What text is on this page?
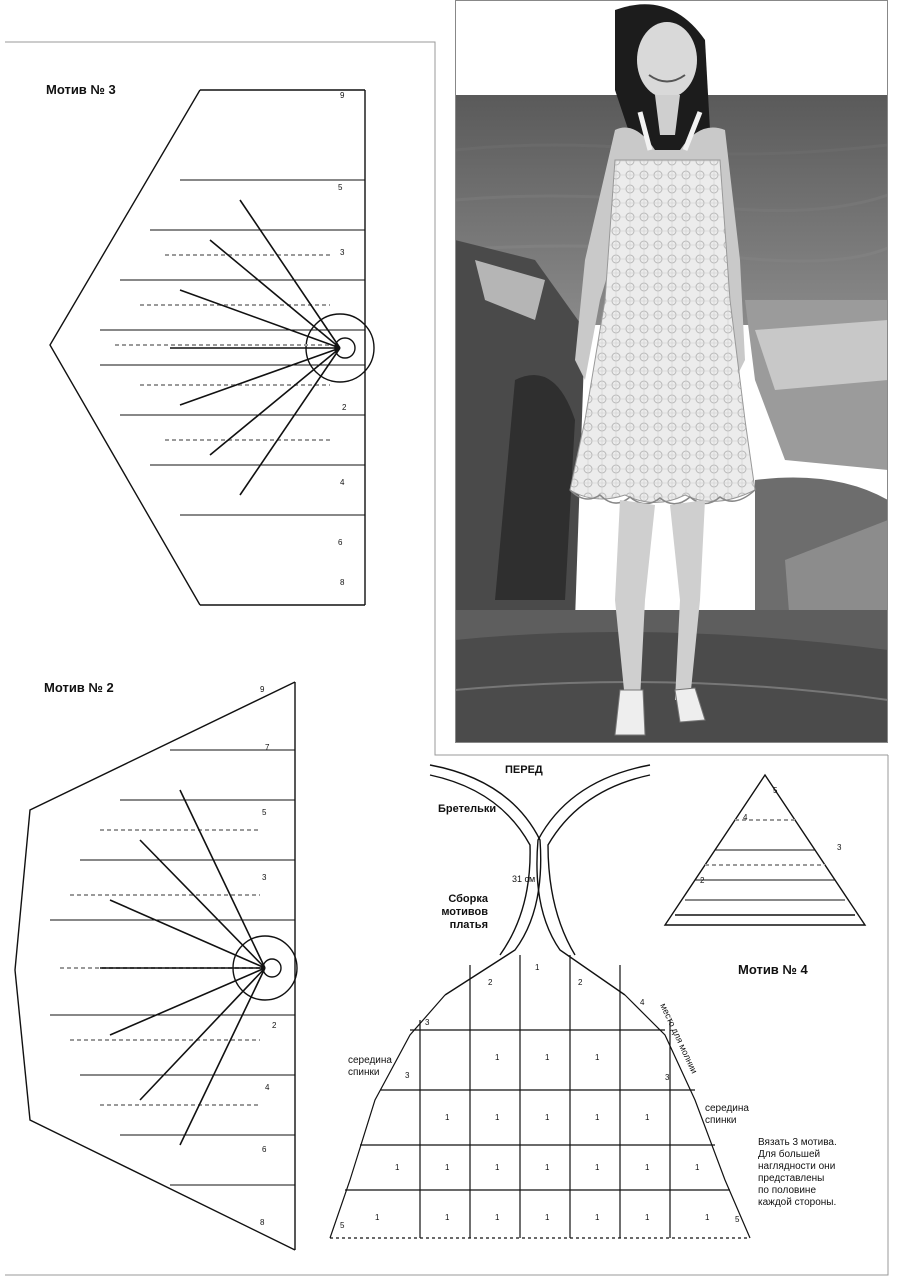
Мотив № 3	9
5
3
2
4
6
8
Мотив № 2	9
7
5
3
2
4
6
8
5
4
3
2
Мотив № 4
1
2	2
3
4
3	3
5
5
1	1	1
1	1	1	1	1
1	1	1	1	1	1	1
1	1	1	1	1	1	1
31 см
место для молнии
ПЕРЕД
Бретельки
Сборка
мотивов
платья
середина
спинки
середина
спинки
Вязать 3 мотива.
Для большей
наглядности они
представлены
по половине
каждой стороны.
